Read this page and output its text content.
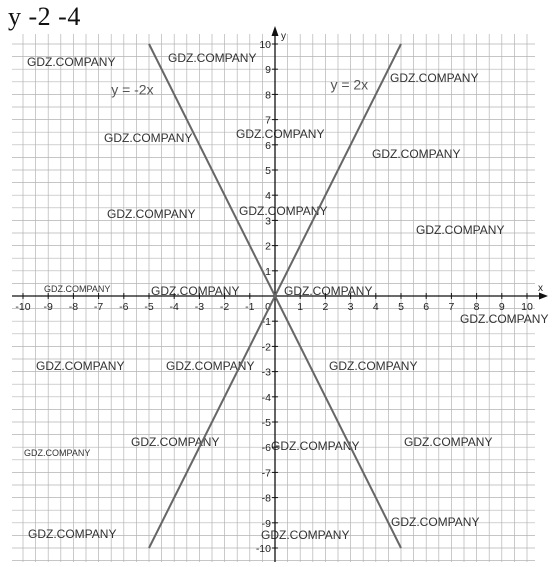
y -2 -4
GDZ.COMPANY	GDZ.COMPANY
GDZ.COMPANY
GDZ.COMPANY	GDZ.COMPANY
GDZ.COMPANY
GDZ.COMPANY	GDZ.COMPANY
GDZ.COMPANY
GDZ.COMPANY	GDZ.COMPANY	GDZ.COMPANY
GDZ.COMPANY
GDZ.COMPANY	GDZ.COMPANY	GDZ.COMPANY
GDZ.COMPANY	GDZ.COMPANY	GDZ.COMPANY
GDZ.COMPANY
GDZ.COMPANY	GDZ.COMPANY
GDZ.COMPANY
x
y
-10 -9 -8 -7 -6 -5 -4 -3 -2 -1	1 2 3 4 5 6 7 8 9 10
-10
-9
-8
-7
-6
-5
-4
-3
-2
-1
1
2
3
4
5
6
7
8
9
10
0
y = 2x
y = -2x
